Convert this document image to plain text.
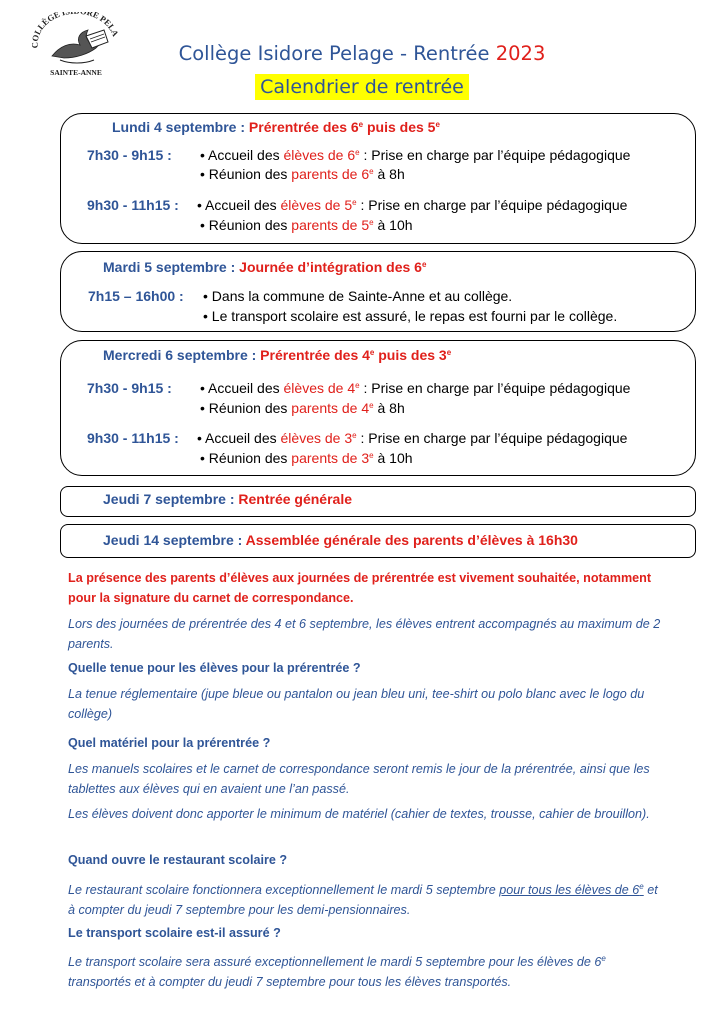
COLLÈGE I RE PELA
SAINTE-ANNE
Collège Isidore Pelage - Rentrée 2023
Calendrier de rentrée
Lundi 4 septembre : Prérentrée des 6e puis des 5e
7h30 - 9h15 : • Accueil des élèves de 6e : Prise en charge par l’équipe pédagogique
• Réunion des parents de 6e à 8h
9h30 - 11h15 : • Accueil des élèves de 5e : Prise en charge par l’équipe pédagogique
• Réunion des parents de 5e à 10h
Mardi 5 septembre : Journée d’intégration des 6e
7h15 – 16h00 : • Dans la commune de Sainte-Anne et au collège.
• Le transport scolaire est assuré, le repas est fourni par le collège.
Mercredi 6 septembre : Prérentrée des 4e puis des 3e
7h30 - 9h15 : • Accueil des élèves de 4e : Prise en charge par l’équipe pédagogique
• Réunion des parents de 4e à 8h
9h30 - 11h15 : • Accueil des élèves de 3e : Prise en charge par l’équipe pédagogique
• Réunion des parents de 3e à 10h
Jeudi 7 septembre : Rentrée générale
Jeudi 14 septembre : Assemblée générale des parents d’élèves à 16h30
La présence des parents d’élèves aux journées de prérentrée est vivement souhaitée, notamment pour la signature du carnet de correspondance.
Lors des journées de prérentrée des 4 et 6 septembre, les élèves entrent accompagnés au maximum de 2 parents.
Quelle tenue pour les élèves pour la prérentrée ?
La tenue réglementaire (jupe bleue ou pantalon ou jean bleu uni, tee-shirt ou polo blanc avec le logo du collège)
Quel matériel pour la prérentrée ?
Les manuels scolaires et le carnet de correspondance seront remis le jour de la prérentrée, ainsi que les tablettes aux élèves qui en avaient une l’an passé.
Les élèves doivent donc apporter le minimum de matériel (cahier de textes, trousse, cahier de brouillon).
Quand ouvre le restaurant scolaire ?
Le restaurant scolaire fonctionnera exceptionnellement le mardi 5 septembre pour tous les élèves de 6e et à compter du jeudi 7 septembre pour les demi-pensionnaires.
Le transport scolaire est-il assuré ?
Le transport scolaire sera assuré exceptionnellement le mardi 5 septembre pour les élèves de 6e transportés et à compter du jeudi 7 septembre pour tous les élèves transportés.
